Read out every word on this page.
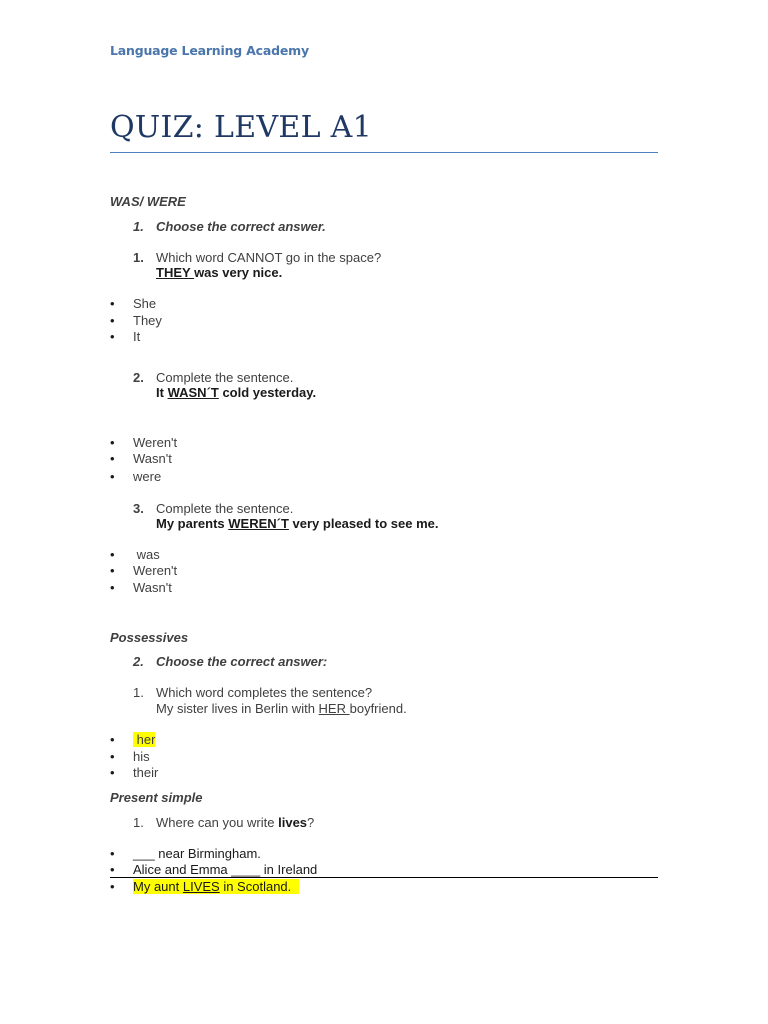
Language Learning Academy
QUIZ: LEVEL A1
WAS/ WERE
1. Choose the correct answer.
1. Which word CANNOT go in the space?
THEY was very nice.
• She
• They
• It
2. Complete the sentence.
It WASN´T cold yesterday.
• Weren't
• Wasn't
• were
3. Complete the sentence.
My parents WEREN´T very pleased to see me.
• was
• Weren't
• Wasn't
Possessives
2. Choose the correct answer:
1. Which word completes the sentence?
My sister lives in Berlin with HER boyfriend.
• her
• his
• their
Present simple
1. Where can you write lives?
• ___ near Birmingham.
• Alice and Emma ____ in Ireland
• My aunt LIVES in Scotland.
